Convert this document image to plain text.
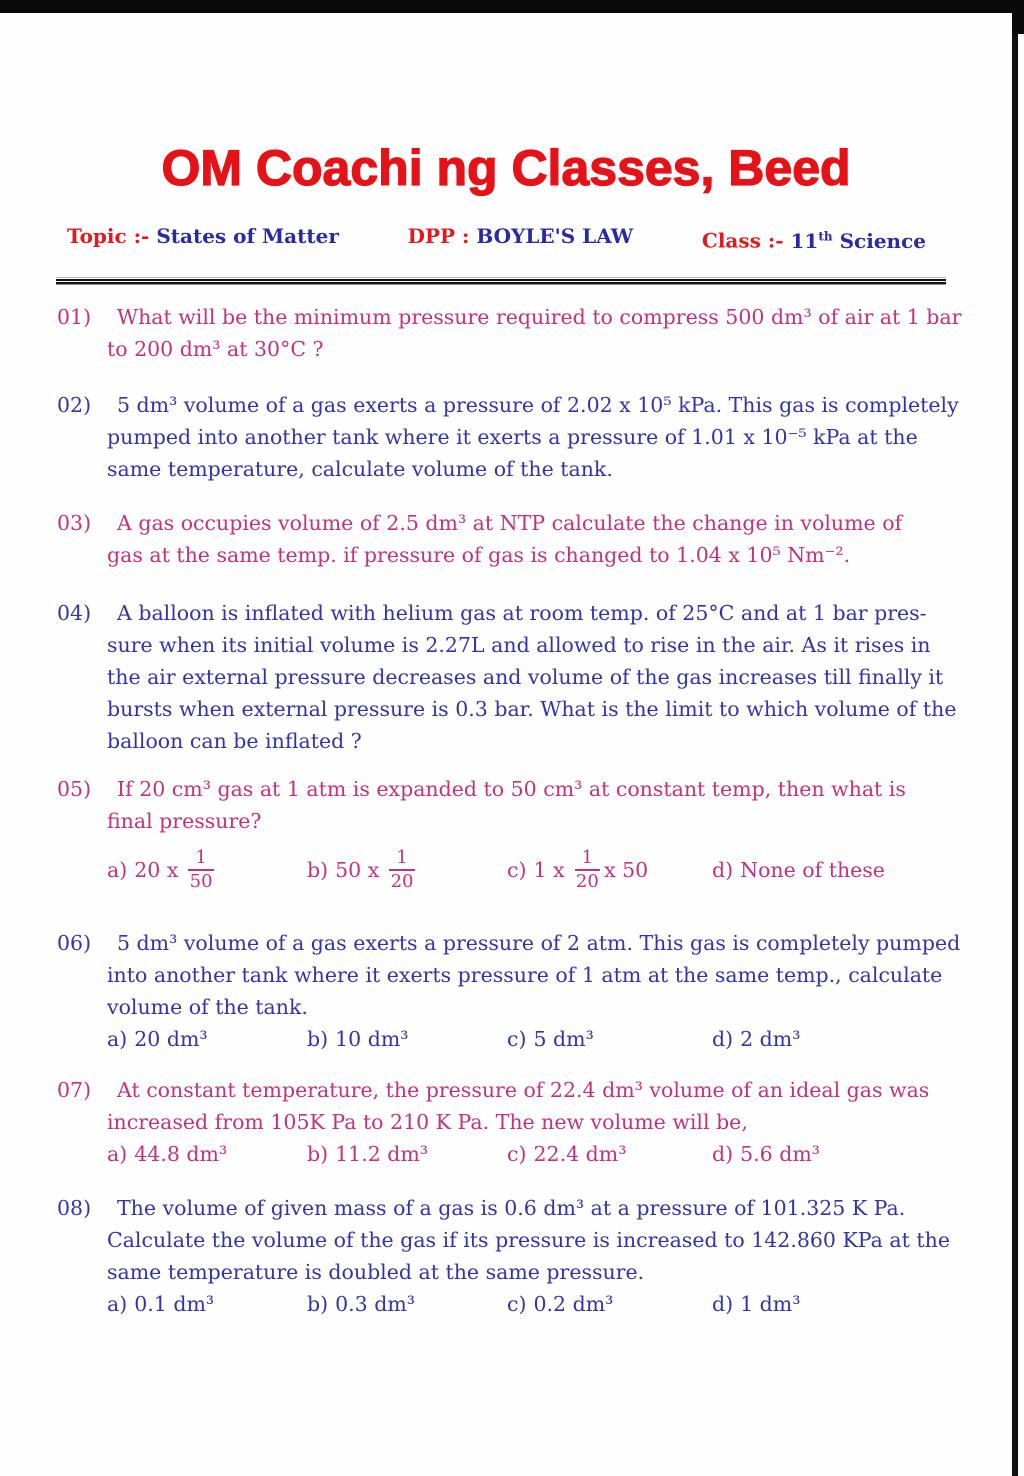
OM Coachi ng Classes, Beed
Topic :- States of Matter	DPP : BOYLE'S LAW	Class :- 11th Science
01)	What will be the minimum pressure required to compress 500 dm³ of air at 1 bar
to 200 dm³ at 30°C ?
02)	5 dm³ volume of a gas exerts a pressure of 2.02 x 10⁵ kPa. This gas is completely
pumped into another tank where it exerts a pressure of 1.01 x 10⁻⁵ kPa at the
same temperature, calculate volume of the tank.
03)	A gas occupies volume of 2.5 dm³ at NTP calculate the change in volume of
gas at the same temp. if pressure of gas is changed to 1.04 x 10⁵ Nm⁻².
04)	A balloon is inflated with helium gas at room temp. of 25°C and at 1 bar pres-
sure when its initial volume is 2.27L and allowed to rise in the air. As it rises in
the air external pressure decreases and volume of the gas increases till finally it
bursts when external pressure is 0.3 bar. What is the limit to which volume of the
balloon can be inflated ?
05)	If 20 cm³ gas at 1 atm is expanded to 50 cm³ at constant temp, then what is
final pressure?
a) 20 x $\frac{1}{50}$	b) 50 x $\frac{1}{20}$	c) 1 x $\frac{1}{20}$ x 50	d) None of these
06)	5 dm³ volume of a gas exerts a pressure of 2 atm. This gas is completely pumped
into another tank where it exerts pressure of 1 atm at the same temp., calculate
volume of the tank.
a) 20 dm³	b) 10 dm³	c) 5 dm³	d) 2 dm³
07)	At constant temperature, the pressure of 22.4 dm³ volume of an ideal gas was
increased from 105K Pa to 210 K Pa. The new volume will be,
a) 44.8 dm³	b) 11.2 dm³	c) 22.4 dm³	d) 5.6 dm³
08)	The volume of given mass of a gas is 0.6 dm³ at a pressure of 101.325 K Pa.
Calculate the volume of the gas if its pressure is increased to 142.860 KPa at the
same temperature is doubled at the same pressure.
a) 0.1 dm³	b) 0.3 dm³	c) 0.2 dm³	d) 1 dm³
